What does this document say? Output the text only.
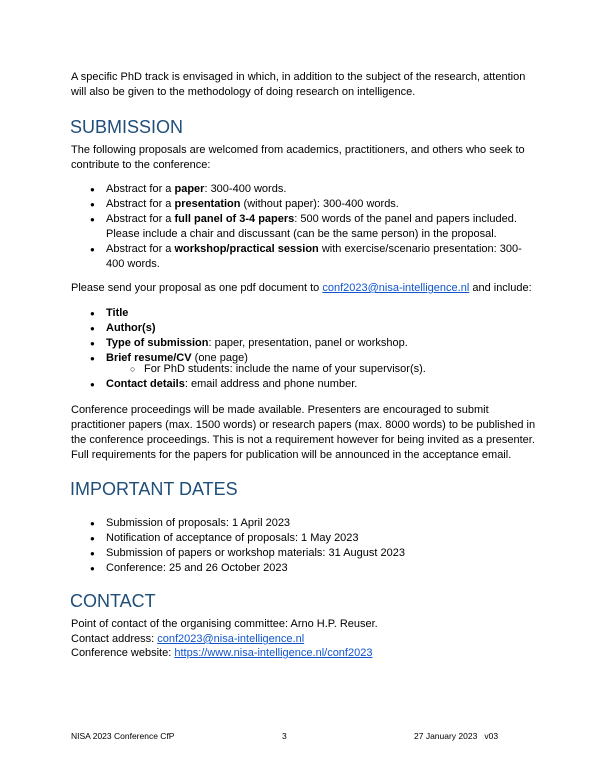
A specific PhD track is envisaged in which, in addition to the subject of the research, attention will also be given to the methodology of doing research on intelligence.

SUBMISSION

The following proposals are welcomed from academics, practitioners, and others who seek to contribute to the conference:

● Abstract for a paper: 300-400 words.
● Abstract for a presentation (without paper): 300-400 words.
● Abstract for a full panel of 3-4 papers: 500 words of the panel and papers included. Please include a chair and discussant (can be the same person) in the proposal.
● Abstract for a workshop/practical session with exercise/scenario presentation: 300-400 words.

Please send your proposal as one pdf document to conf2023@nisa-intelligence.nl and include:

● Title
● Author(s)
● Type of submission: paper, presentation, panel or workshop.
● Brief resume/CV (one page)
○ For PhD students: include the name of your supervisor(s).
● Contact details: email address and phone number.

Conference proceedings will be made available. Presenters are encouraged to submit practitioner papers (max. 1500 words) or research papers (max. 8000 words) to be published in the conference proceedings. This is not a requirement however for being invited as a presenter. Full requirements for the papers for publication will be announced in the acceptance email.

IMPORTANT DATES
● Submission of proposals: 1 April 2023
● Notification of acceptance of proposals: 1 May 2023
● Submission of papers or workshop materials: 31 August 2023
● Conference: 25 and 26 October 2023
CONTACT

Point of contact of the organising committee: Arno H.P. Reuser.

Contact address: conf2023@nisa-intelligence.nl

Conference website: https://www.nisa-intelligence.nl/conf2023

NISA 2023 Conference CfP	3	27 January 2023   v03
